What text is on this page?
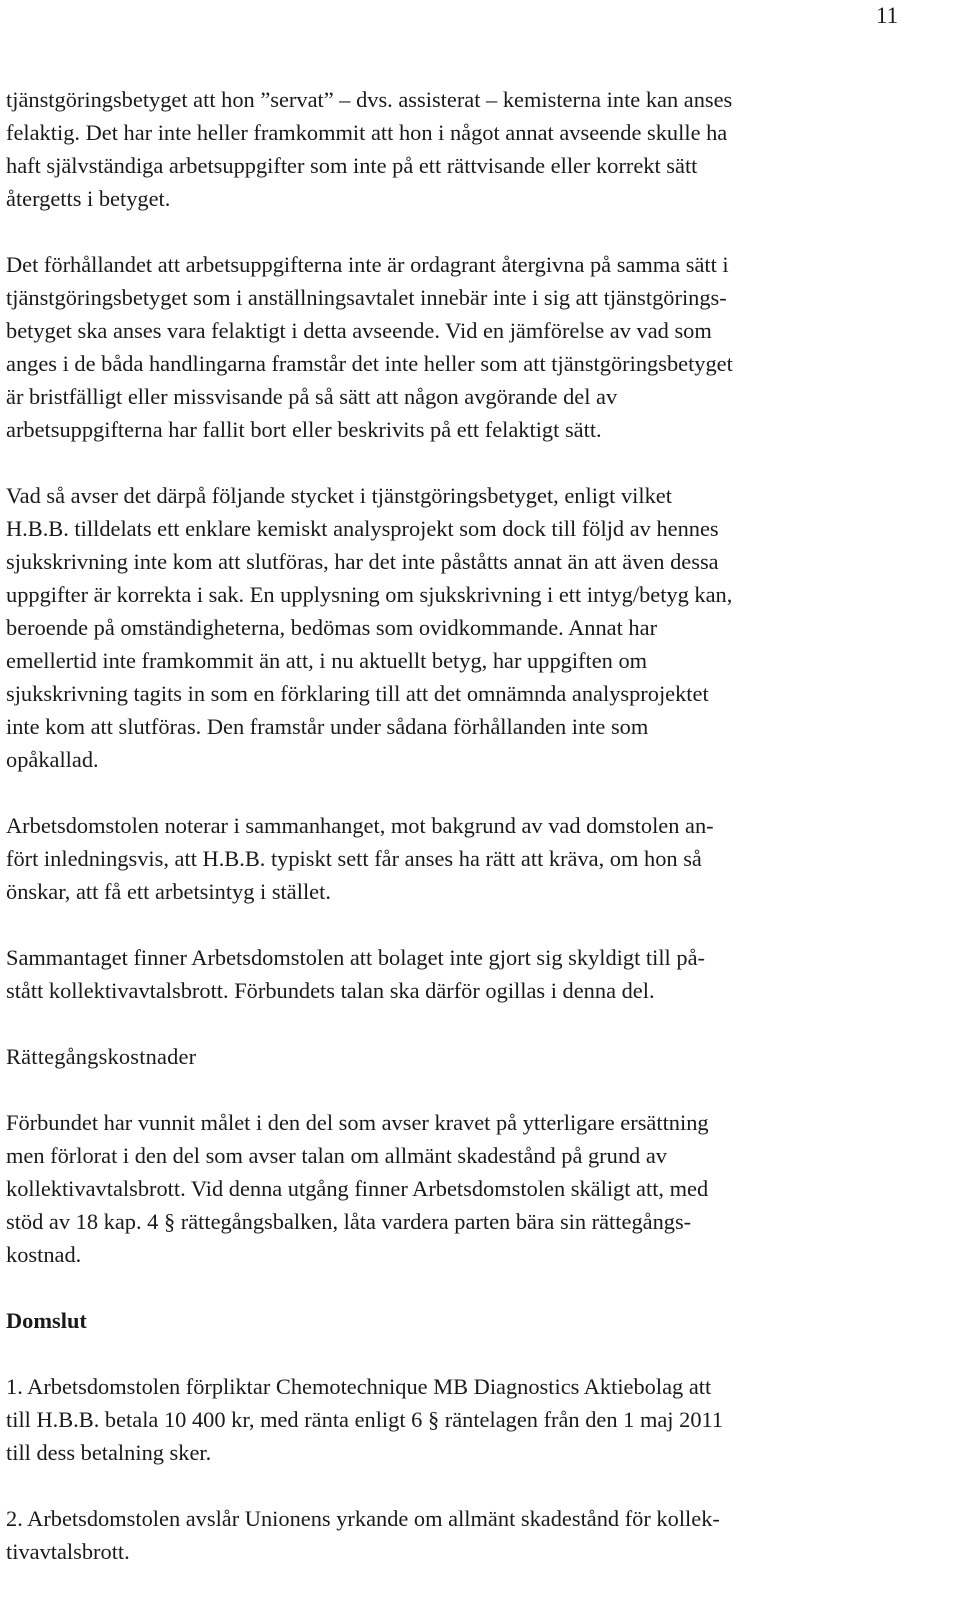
11

tjänstgöringsbetyget att hon ”servat” – dvs. assisterat – kemisterna inte kan anses
felaktig. Det har inte heller framkommit att hon i något annat avseende skulle ha
haft självständiga arbetsuppgifter som inte på ett rättvisande eller korrekt sätt
återgetts i betyget.

Det förhållandet att arbetsuppgifterna inte är ordagrant återgivna på samma sätt i
tjänstgöringsbetyget som i anställningsavtalet innebär inte i sig att tjänstgörings-
betyget ska anses vara felaktigt i detta avseende. Vid en jämförelse av vad som
anges i de båda handlingarna framstår det inte heller som att tjänstgöringsbetyget
är bristfälligt eller missvisande på så sätt att någon avgörande del av
arbetsuppgifterna har fallit bort eller beskrivits på ett felaktigt sätt.

Vad så avser det därpå följande stycket i tjänstgöringsbetyget, enligt vilket
H.B.B. tilldelats ett enklare kemiskt analysprojekt som dock till följd av hennes
sjukskrivning inte kom att slutföras, har det inte påståtts annat än att även dessa
uppgifter är korrekta i sak. En upplysning om sjukskrivning i ett intyg/betyg kan,
beroende på omständigheterna, bedömas som ovidkommande. Annat har
emellertid inte framkommit än att, i nu aktuellt betyg, har uppgiften om
sjukskrivning tagits in som en förklaring till att det omnämnda analysprojektet
inte kom att slutföras. Den framstår under sådana förhållanden inte som
opåkallad.

Arbetsdomstolen noterar i sammanhanget, mot bakgrund av vad domstolen an-
fört inledningsvis, att H.B.B. typiskt sett får anses ha rätt att kräva, om hon så
önskar, att få ett arbetsintyg i stället.

Sammantaget finner Arbetsdomstolen att bolaget inte gjort sig skyldigt till på-
stått kollektivavtalsbrott. Förbundets talan ska därför ogillas i denna del.

Rättegångskostnader

Förbundet har vunnit målet i den del som avser kravet på ytterligare ersättning
men förlorat i den del som avser talan om allmänt skadestånd på grund av
kollektivavtalsbrott. Vid denna utgång finner Arbetsdomstolen skäligt att, med
stöd av 18 kap. 4 § rättegångsbalken, låta vardera parten bära sin rättegångs-
kostnad.

Domslut

1. Arbetsdomstolen förpliktar Chemotechnique MB Diagnostics Aktiebolag att
till H.B.B. betala 10 400 kr, med ränta enligt 6 § räntelagen från den 1 maj 2011
till dess betalning sker.

2. Arbetsdomstolen avslår Unionens yrkande om allmänt skadestånd för kollek-
tivavtalsbrott.
